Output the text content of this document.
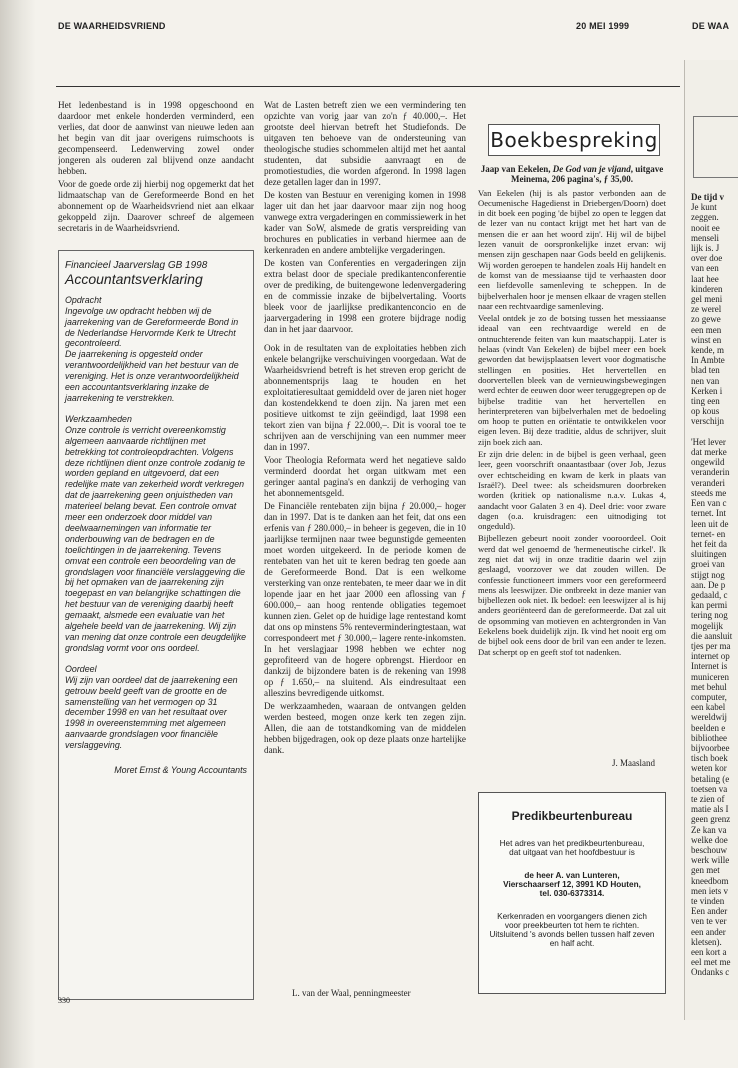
DE WAARHEIDSVRIEND	20 MEI 1999	DE WAA

Het ledenbestand is in 1998 opgeschoond en daardoor met enkele honderden verminderd, een verlies, dat door de aanwinst van nieuwe leden aan het begin van dit jaar overigens ruimschoots is gecompenseerd. Ledenwerving zowel onder jongeren als ouderen zal blijvend onze aandacht hebben.

Voor de goede orde zij hierbij nog opgemerkt dat het lidmaatschap van de Gereformeerde Bond en het abonnement op de Waarheidsvriend niet aan elkaar gekoppeld zijn. Daarover schreef de algemeen secretaris in de Waarheidsvriend.

Financieel Jaarverslag GB 1998
Accountantsverklaring
Opdracht
Ingevolge uw opdracht hebben wij de jaarrekening van de Gereformeerde Bond in de Nederlandse Hervormde Kerk te Utrecht gecontroleerd.
De jaarrekening is opgesteld onder verantwoordelijkheid van het bestuur van de vereniging. Het is onze verantwoordelijkheid een accountantsverklaring inzake de jaarrekening te verstrekken.
Werkzaamheden
Onze controle is verricht overeenkomstig algemeen aanvaarde richtlijnen met betrekking tot controleopdrachten. Volgens deze richtlijnen dient onze controle zodanig te worden gepland en uitgevoerd, dat een redelijke mate van zekerheid wordt verkregen dat de jaarrekening geen onjuistheden van materieel belang bevat. Een controle omvat meer een onderzoek door middel van deelwaarnemingen van informatie ter onderbouwing van de bedragen en de toelichtingen in de jaarrekening. Tevens omvat een controle een beoordeling van de grondslagen voor financiële verslaggeving die bij het opmaken van de jaarrekening zijn toegepast en van belangrijke schattingen die het bestuur van de vereniging daarbij heeft gemaakt, alsmede een evaluatie van het algehele beeld van de jaarrekening. Wij zijn van mening dat onze controle een deugdelijke grondslag vormt voor ons oordeel.
Oordeel
Wij zijn van oordeel dat de jaarrekening een getrouw beeld geeft van de grootte en de samenstelling van het vermogen op 31 december 1998 en van het resultaat over 1998 in overeenstemming met algemeen aanvaarde grondslagen voor financiële verslaggeving.
Moret Ernst & Young Accountants

Wat de Lasten betreft zien we een vermindering ten opzichte van vorig jaar van zo'n ƒ 40.000,–. Het grootste deel hiervan betreft het Studiefonds. De uitgaven ten behoeve van de ondersteuning van theologische studies schommelen altijd met het aantal studenten, dat subsidie aanvraagt en de promotiestudies, die worden afgerond. In 1998 lagen deze getallen lager dan in 1997.

De kosten van Bestuur en vereniging komen in 1998 lager uit dan het jaar daarvoor maar zijn nog hoog vanwege extra vergaderingen en commissiewerk in het kader van SoW, alsmede de gratis verspreiding van brochures en publicaties in verband hiermee aan de kerkenraden en andere ambtelijke vergaderingen.

De kosten van Conferenties en vergaderingen zijn extra belast door de speciale predikantenconferentie over de prediking, de buitengewone ledenvergadering en de commissie inzake de bijbelvertaling. Voorts bleek voor de jaarlijkse predikantenconcio en de jaarvergadering in 1998 een grotere bijdrage nodig dan in het jaar daarvoor.

Ook in de resultaten van de exploitaties hebben zich enkele belangrijke verschuivingen voorgedaan. Wat de Waarheidsvriend betreft is het streven erop gericht de abonnementsprijs laag te houden en het exploitatieresultaat gemiddeld over de jaren niet hoger dan kostendekkend te doen zijn. Na jaren met een positieve uitkomst te zijn geëindigd, laat 1998 een tekort zien van bijna ƒ 22.000,–. Dit is vooral toe te schrijven aan de verschijning van een nummer meer dan in 1997.

Voor Theologia Reformata werd het negatieve saldo verminderd doordat het organ uitkwam met een geringer aantal pagina's en dankzij de verhoging van het abonnementsgeld.

De Financiële rentebaten zijn bijna ƒ 20.000,– hoger dan in 1997. Dat is te danken aan het feit, dat ons een erfenis van ƒ 280.000,– in beheer is gegeven, die in 10 jaarlijkse termijnen naar twee begunstigde gemeenten moet worden uitgekeerd. In de periode komen de rentebaten van het uit te keren bedrag ten goede aan de Gereformeerde Bond. Dat is een welkome versterking van onze rentebaten, te meer daar we in dit lopende jaar en het jaar 2000 een aflossing van ƒ 600.000,– aan hoog rentende obligaties tegemoet kunnen zien. Gelet op de huidige lage rentestand komt dat ons op minstens 5% renteverminderingtestaan, wat correspondeert met ƒ 30.000,– lagere rente-inkomsten. In het verslagjaar 1998 hebben we echter nog geprofiteerd van de hogere opbrengst. Hierdoor en dankzij de bijzondere baten is de rekening van 1998 op ƒ 1.650,– na sluitend. Als eindresultaat een alleszins bevredigende uitkomst.

De werkzaamheden, waaraan de ontvangen gelden werden besteed, mogen onze kerk ten zegen zijn. Allen, die aan de totstandkoming van de middelen hebben bijgedragen, ook op deze plaats onze hartelijke dank.

L. van der Waal, penningmeester
Boekbespreking

Jaap van Eekelen, De God van je vijand, uitgave Meinema, 206 pagina's, ƒ 35,00.

Van Eekelen (hij is als pastor verbonden aan de Oecumenische Hagedienst in Driebergen/Doorn) doet in dit boek een poging 'de bijbel zo open te leggen dat de lezer van nu contact krijgt met het hart van de mensen die er aan het woord zijn'. Hij wil de bijbel lezen vanuit de oorspronkelijke inzet ervan: wij mensen zijn geschapen naar Gods beeld en gelijkenis. Wij worden geroepen te handelen zoals Hij handelt en de komst van de messiaanse tijd te verhaasten door een liefdevolle samenleving te scheppen. In de bijbelverhalen hoor je mensen elkaar de vragen stellen naar een rechtvaardige samenleving.

Veelal ontdek je zo de botsing tussen het messiaanse ideaal van een rechtvaardige wereld en de ontnuchterende feiten van kun maatschappij. Later is helaas (vindt Van Eekelen) de bijbel meer een boek geworden dat bewijsplaatsen levert voor dogmatische stellingen en posities. Het hervertellen en doorvertellen bleek van de vernieuwingsbewegingen werd echter de eeuwen door weer teruggegrepen op de bijbelse traditie van het hervertellen en herinterpreteren van bijbelverhalen met de bedoeling om hoop te putten en oriëntatie te ontwikkelen voor eigen leven. Bij deze traditie, aldus de schrijver, sluit zijn boek zich aan.

Er zijn drie delen: in de bijbel is geen verhaal, geen leer, geen voorschrift onaantastbaar (over Job, Jezus over echtscheiding en kwam de kerk in plaats van Israël?). Deel twee: als scheidsmuren doorbreken worden (kritiek op nationalisme n.a.v. Lukas 4, aandacht voor Galaten 3 en 4). Deel drie: voor zware dagen (o.a. kruisdragen: een uitnodiging tot ongeduld).

Bijbellezen gebeurt nooit zonder vooroordeel. Ooit werd dat wel genoemd de 'hermeneutische cirkel'. Ik zeg niet dat wij in onze traditie daarin wel zijn geslaagd, voorzover we dat zouden willen. De confessie functioneert immers voor een gereformeerd mens als leeswijzer. Die ontbreekt in deze manier van bijbellezen ook niet. Ik bedoel: een leeswijzer al is hij anders georiënteerd dan de gereformeerde. Dat zal uit de opsomming van motieven en achtergronden in Van Eekelens boek duidelijk zijn. Ik vind het nooit erg om de bijbel ook eens door de bril van een ander te lezen. Dat scherpt op en geeft stof tot nadenken.

J. Maasland
Predikbeurtenbureau
Het adres van het predikbeurtenbureau, dat uitgaat van het hoofdbestuur is
de heer A. van Lunteren,
Vierschaarserf 12, 3991 KD Houten,
tel. 030-6373314.
Kerkenraden en voorgangers dienen zich voor preekbeurten tot hem te richten. Uitsluitend 's avonds bellen tussen half zeven en half acht.
De tijd v
Je kunt
zeggen.
nooit ee
menseli
lijk is. J
over doe
van een
laat hee
kinderen
gel meni
ze werel
zo gewe
een men
winst en
kende, m
In Ambte
blad ten
nen van
Kerken i
ting een
op kous
verschijn

'Het lever
dat merke
ongewild
veranderin
veranderi
steeds me
Een van c
ternet. Int
leen uit de
ternet- en
het feit da
sluitingen
groei van
stijgt nog
aan. De p
gedaald, c
kan permi
tering nog
mogelijk
die aansluit
tjes per ma
internet op
Internet is
municeren
met behul
computer,
een kabel
wereldwij
beelden e
bibliothee
bijvoorbee
tisch boek
weten kor
betaling (e
toetsen va
te zien of
matie als I
geen grenz
Ze kan va
welke doe
beschouw
werk wille
gen met
kneedbom
men iets v
te vinden
Een ander
ven te ver
een ander
kletsen).
een kort a
eel met me
Ondanks c
330
